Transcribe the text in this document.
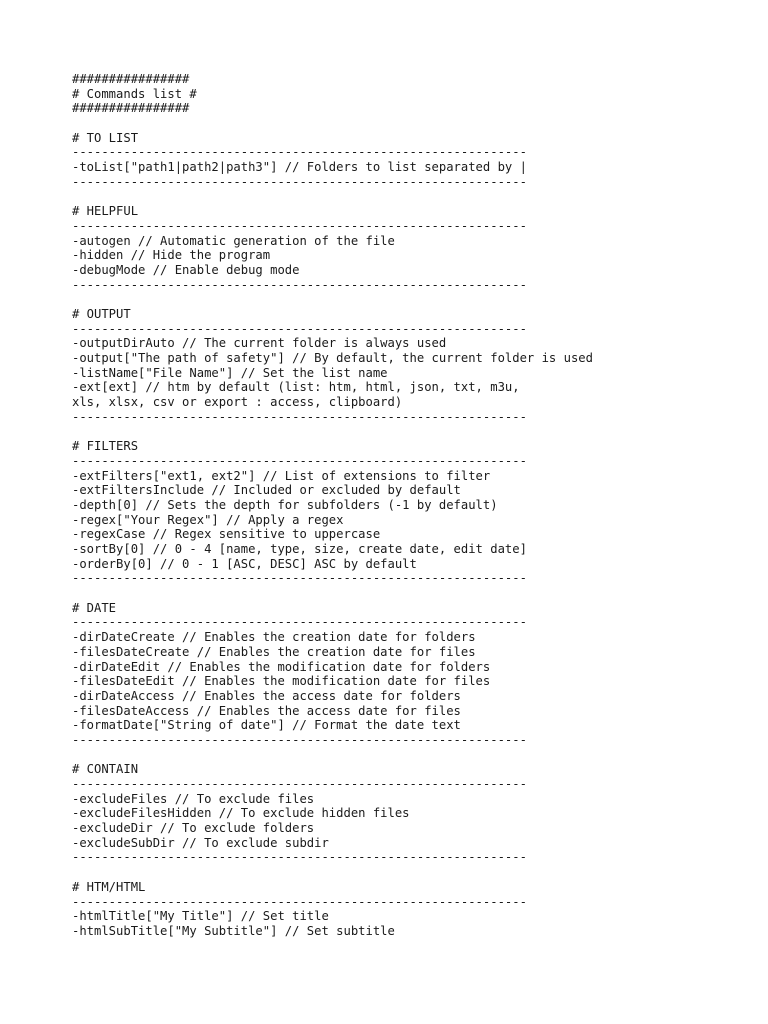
################
# Commands list #
################
# TO LIST
--------------------------------------------------------------
-toList["path1|path2|path3"] // Folders to list separated by |
--------------------------------------------------------------
# HELPFUL
--------------------------------------------------------------
-autogen // Automatic generation of the file
-hidden // Hide the program
-debugMode // Enable debug mode
--------------------------------------------------------------
# OUTPUT
--------------------------------------------------------------
-outputDirAuto // The current folder is always used
-output["The path of safety"] // By default, the current folder is used
-listName["File Name"] // Set the list name
-ext[ext] // htm by default (list: htm, html, json, txt, m3u,
xls, xlsx, csv or export : access, clipboard)
--------------------------------------------------------------
# FILTERS
--------------------------------------------------------------
-extFilters["ext1, ext2"] // List of extensions to filter
-extFiltersInclude // Included or excluded by default
-depth[0] // Sets the depth for subfolders (-1 by default)
-regex["Your Regex"] // Apply a regex
-regexCase // Regex sensitive to uppercase
-sortBy[0] // 0 - 4 [name, type, size, create date, edit date]
-orderBy[0] // 0 - 1 [ASC, DESC] ASC by default
--------------------------------------------------------------
# DATE
--------------------------------------------------------------
-dirDateCreate // Enables the creation date for folders
-filesDateCreate // Enables the creation date for files
-dirDateEdit // Enables the modification date for folders
-filesDateEdit // Enables the modification date for files
-dirDateAccess // Enables the access date for folders
-filesDateAccess // Enables the access date for files
-formatDate["String of date"] // Format the date text
--------------------------------------------------------------
# CONTAIN
--------------------------------------------------------------
-excludeFiles // To exclude files
-excludeFilesHidden // To exclude hidden files
-excludeDir // To exclude folders
-excludeSubDir // To exclude subdir
--------------------------------------------------------------
# HTM/HTML
--------------------------------------------------------------
-htmlTitle["My Title"] // Set title
-htmlSubTitle["My Subtitle"] // Set subtitle
